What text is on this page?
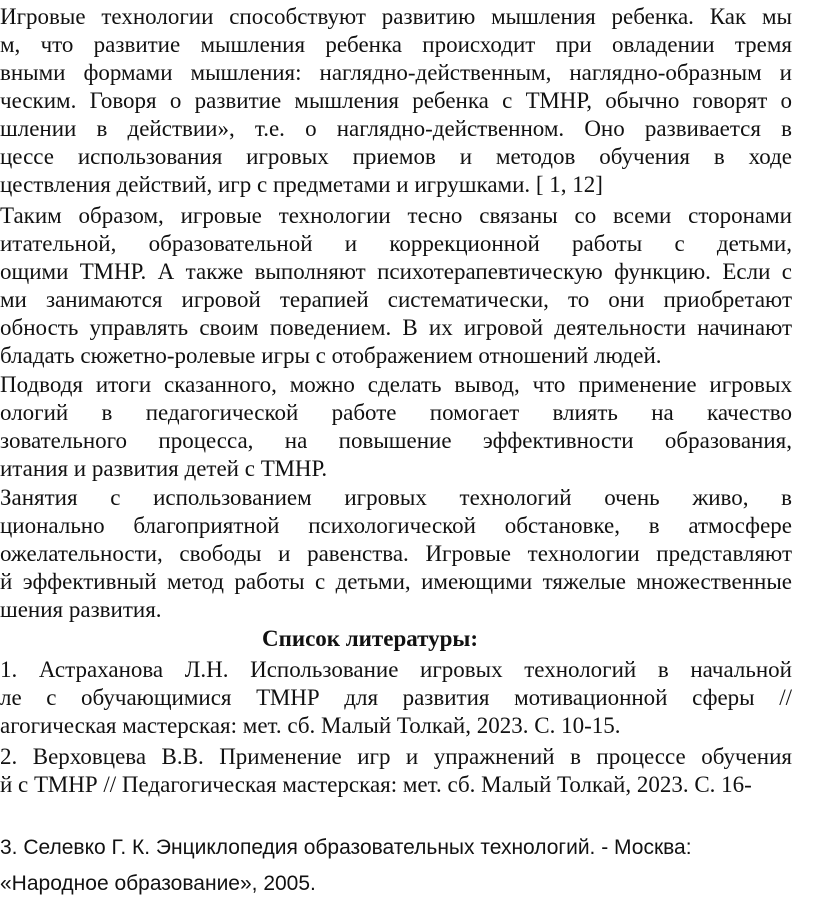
Игровые технологии способствуют развитию мышления ребенка. Как мы
м, что развитие мышления ребенка происходит при овладении тремя
вными формами мышления: наглядно-действенным, наглядно-образным и
ческим. Говоря о развитие мышления ребенка с ТМНР, обычно говорят о
шлении в действии», т.е. о наглядно-действенном. Оно развивается в
цессе использования игровых приемов и методов обучения в ходе
цествления действий, игр с предметами и игрушками. [ 1, 12]
Таким образом, игровые технологии тесно связаны со всеми сторонами
итательной, образовательной и коррекционной работы с детьми,
ощими ТМНР. А также выполняют психотерапевтическую функцию. Если с
ми занимаются игровой терапией систематически, то они приобретают
обность управлять своим поведением. В их игровой деятельности начинают
бладать сюжетно-ролевые игры с отображением отношений людей.
Подводя итоги сказанного, можно сделать вывод, что применение игровых
ологий в педагогической работе помогает влиять на качество
зовательного процесса, на повышение эффективности образования,
итания и развития детей с ТМНР.
Занятия с использованием игровых технологий очень живо, в
ционально благоприятной психологической обстановке, в атмосфере
ожелательности, свободы и равенства. Игровые технологии представляют
й эффективный метод работы с детьми, имеющими тяжелые множественные
шения развития.
Список литературы:
1. Астраханова Л.Н. Использование игровых технологий в начальной
ле с обучающимися ТМНР для развития мотивационной сферы //
агогическая мастерская: мет. сб. Малый Толкай, 2023. С. 10-15.
2. Верховцева В.В. Применение игр и упражнений в процессе обучения
й с ТМНР // Педагогическая мастерская: мет. сб. Малый Толкай, 2023. С. 16-
3. Селевко Г. К. Энциклопедия образовательных технологий. - Москва:
«Народное образование», 2005.
